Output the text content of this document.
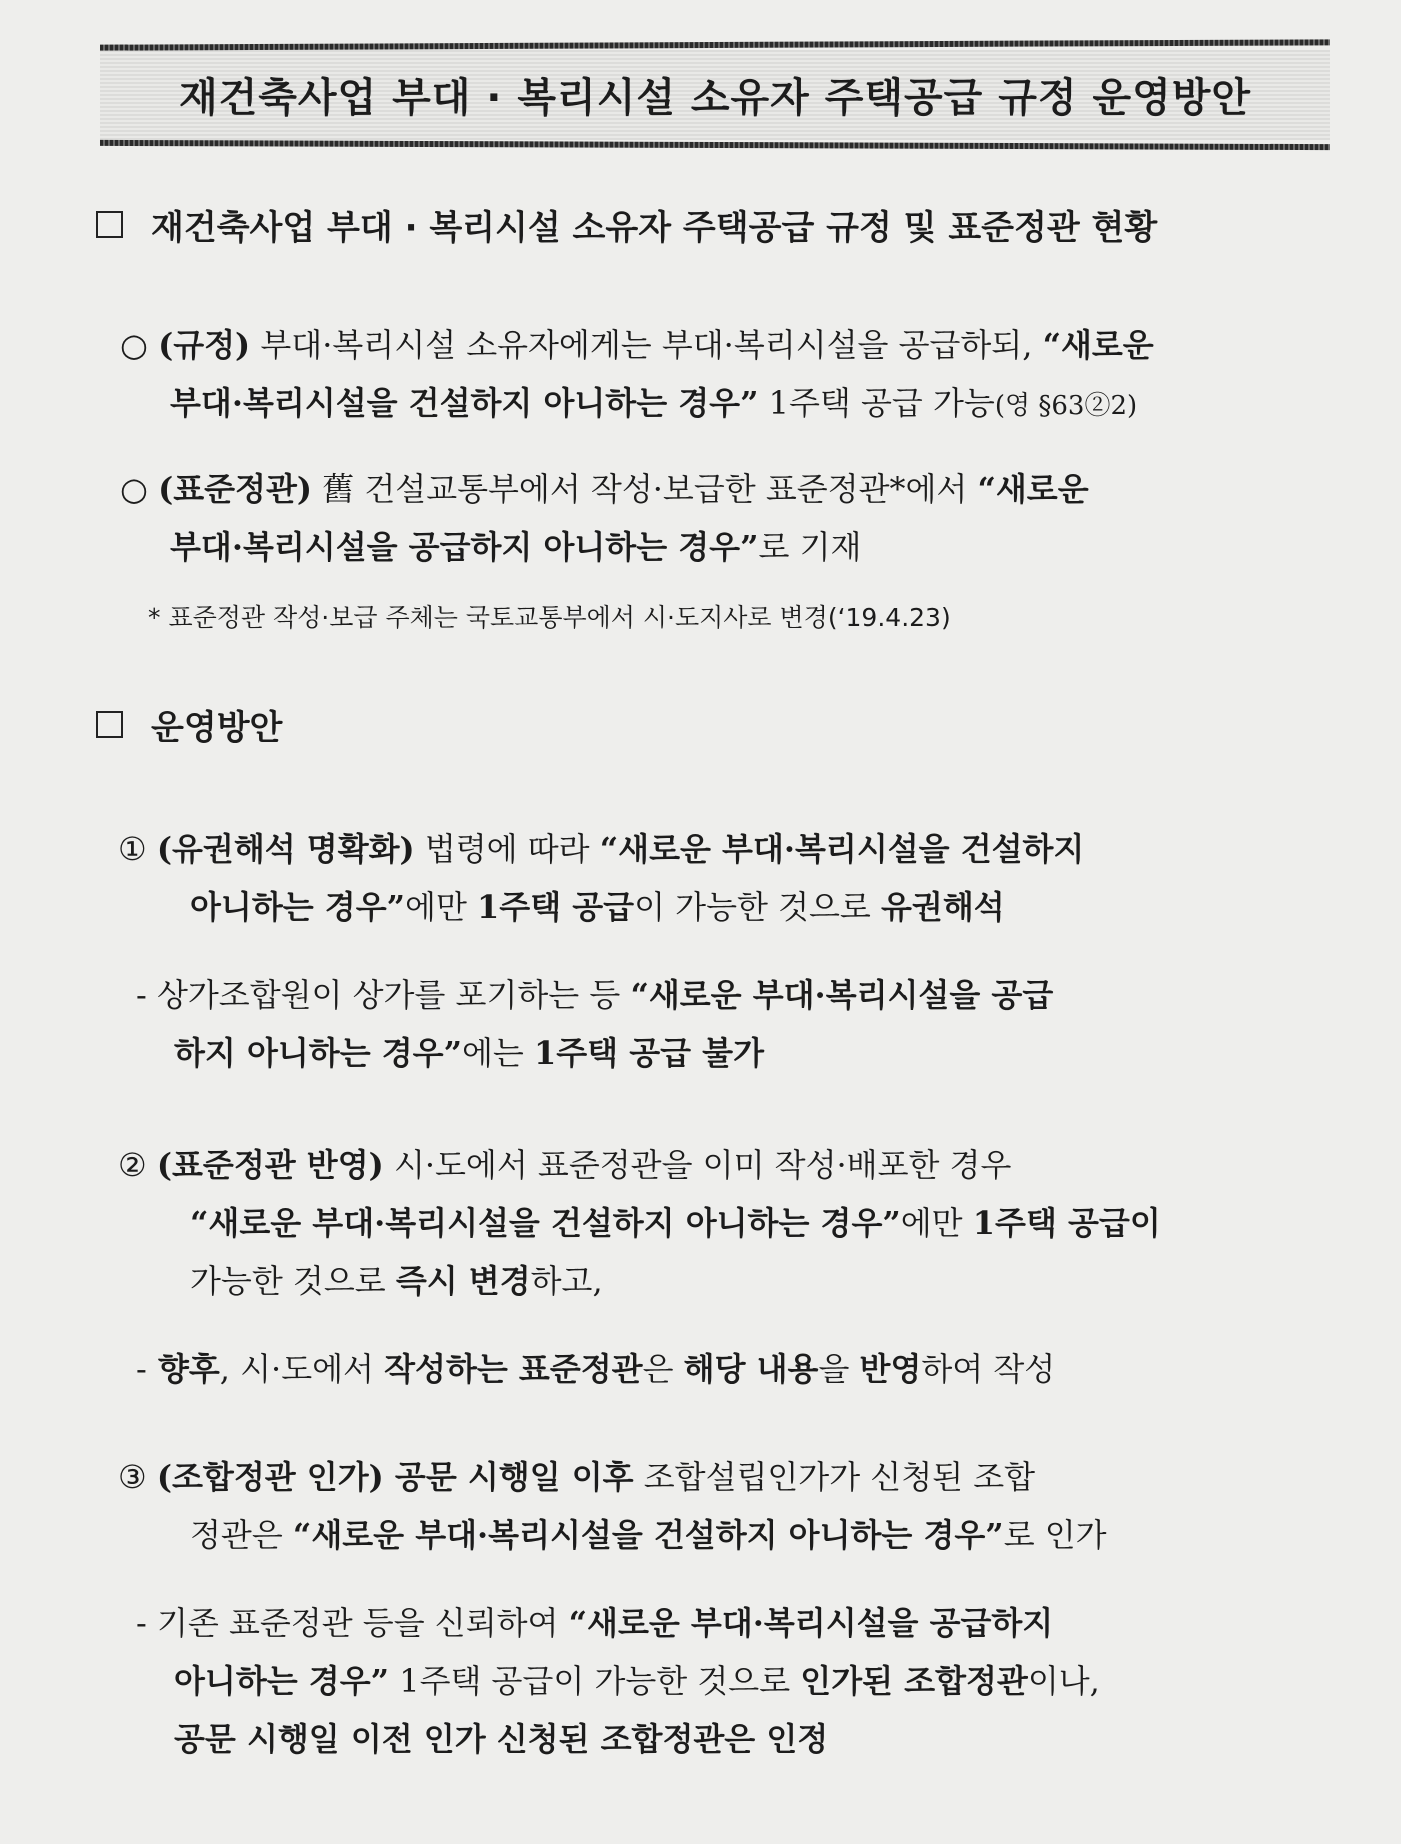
재건축사업 부대 · 복리시설 소유자 주택공급 규정 운영방안
재건축사업 부대 · 복리시설 소유자 주택공급 규정 및 표준정관 현황
○ (규정) 부대·복리시설 소유자에게는 부대·복리시설을 공급하되, “새로운
부대·복리시설을 건설하지 아니하는 경우” 1주택 공급 가능(영 §63②2)
○ (표준정관) 舊 건설교통부에서 작성·보급한 표준정관*에서 “새로운
부대·복리시설을 공급하지 아니하는 경우”로 기재
* 표준정관 작성·보급 주체는 국토교통부에서 시·도지사로 변경(‘19.4.23)
운영방안
① (유권해석 명확화) 법령에 따라 “새로운 부대·복리시설을 건설하지
아니하는 경우”에만 1주택 공급이 가능한 것으로 유권해석
- 상가조합원이 상가를 포기하는 등 “새로운 부대·복리시설을 공급
하지 아니하는 경우”에는 1주택 공급 불가
② (표준정관 반영) 시·도에서 표준정관을 이미 작성·배포한 경우
“새로운 부대·복리시설을 건설하지 아니하는 경우”에만 1주택 공급이
가능한 것으로 즉시 변경하고,
- 향후, 시·도에서 작성하는 표준정관은 해당 내용을 반영하여 작성
③ (조합정관 인가) 공문 시행일 이후 조합설립인가가 신청된 조합
정관은 “새로운 부대·복리시설을 건설하지 아니하는 경우”로 인가
- 기존 표준정관 등을 신뢰하여 “새로운 부대·복리시설을 공급하지
아니하는 경우” 1주택 공급이 가능한 것으로 인가된 조합정관이나,
공문 시행일 이전 인가 신청된 조합정관은 인정
